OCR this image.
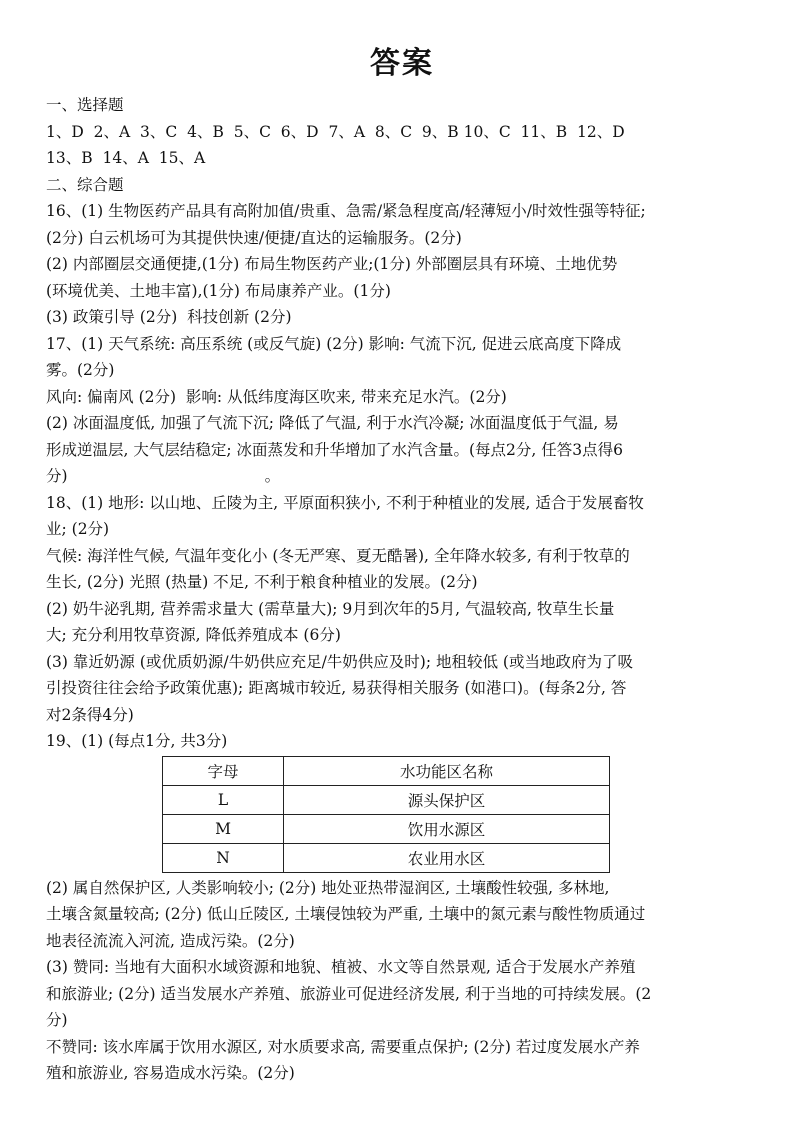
答案
一、选择题
1、D  2、A  3、C  4、B  5、C  6、D  7、A  8、C  9、B 10、C  11、B  12、D
13、B  14、A  15、A
二、综合题
16、(1) 生物医药产品具有高附加值/贵重、急需/紧急程度高/轻薄短小/时效性强等特征;
(2分) 白云机场可为其提供快速/便捷/直达的运输服务。(2分)
(2) 内部圈层交通便捷,(1分) 布局生物医药产业;(1分) 外部圈层具有环境、土地优势
(环境优美、土地丰富),(1分) 布局康养产业。(1分)
(3) 政策引导 (2分)  科技创新 (2分)
17、(1) 天气系统: 高压系统 (或反气旋) (2分) 影响: 气流下沉, 促进云底高度下降成
雾。(2分)
风向: 偏南风 (2分)  影响: 从低纬度海区吹来, 带来充足水汽。(2分)
(2) 冰面温度低, 加强了气流下沉; 降低了气温, 利于水汽冷凝; 冰面温度低于气温, 易
形成逆温层, 大气层结稳定; 冰面蒸发和升华增加了水汽含量。(每点2分, 任答3点得6
分)                                        。
18、(1) 地形: 以山地、丘陵为主, 平原面积狭小, 不利于种植业的发展, 适合于发展畜牧
业; (2分)
气候: 海洋性气候, 气温年变化小 (冬无严寒、夏无酷暑), 全年降水较多, 有利于牧草的
生长, (2分) 光照 (热量) 不足, 不利于粮食种植业的发展。(2分)
(2) 奶牛泌乳期, 营养需求量大 (需草量大); 9月到次年的5月, 气温较高, 牧草生长量
大; 充分利用牧草资源, 降低养殖成本 (6分)
(3) 靠近奶源 (或优质奶源/牛奶供应充足/牛奶供应及时); 地租较低 (或当地政府为了吸
引投资往往会给予政策优惠); 距离城市较近, 易获得相关服务 (如港口)。(每条2分, 答
对2条得4分)
19、(1) (每点1分, 共3分)
字母	水功能区名称
L	源头保护区
M	饮用水源区
N	农业用水区
(2) 属自然保护区, 人类影响较小; (2分) 地处亚热带湿润区, 土壤酸性较强, 多林地,
土壤含氮量较高; (2分) 低山丘陵区, 土壤侵蚀较为严重, 土壤中的氮元素与酸性物质通过
地表径流流入河流, 造成污染。(2分)
(3) 赞同: 当地有大面积水域资源和地貌、植被、水文等自然景观, 适合于发展水产养殖
和旅游业; (2分) 适当发展水产养殖、旅游业可促进经济发展, 利于当地的可持续发展。(2
分)
不赞同: 该水库属于饮用水源区, 对水质要求高, 需要重点保护; (2分) 若过度发展水产养
殖和旅游业, 容易造成水污染。(2分)
